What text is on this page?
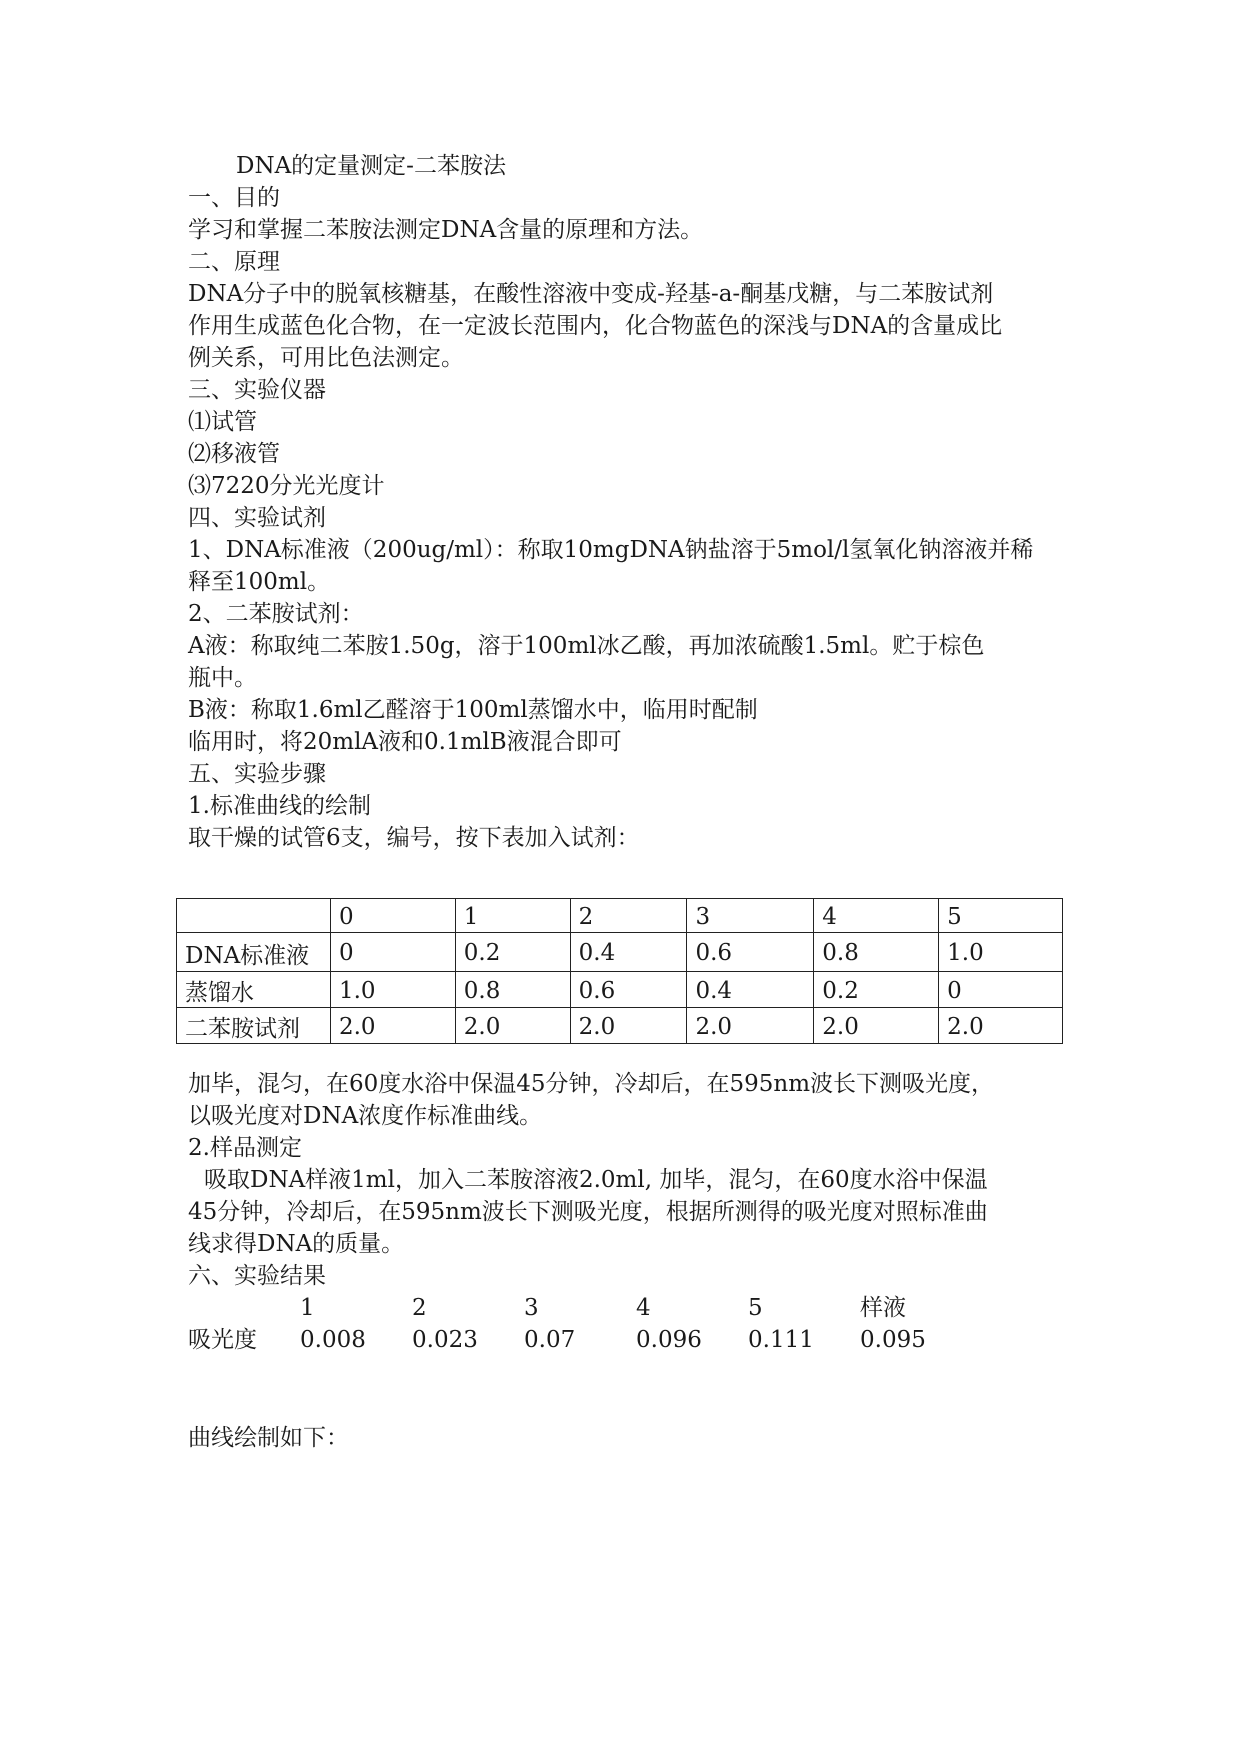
DNA的定量测定-二苯胺法

一、目的

学习和掌握二苯胺法测定DNA含量的原理和方法。

二、原理

DNA分子中的脱氧核糖基，在酸性溶液中变成-羟基-a-酮基戊糖，与二苯胺试剂

作用生成蓝色化合物，在一定波长范围内，化合物蓝色的深浅与DNA的含量成比

例关系，可用比色法测定。

三、实验仪器

⑴试管

⑵移液管

⑶7220分光光度计

四、实验试剂

1、DNA标准液（200ug/ml）：称取10mgDNA钠盐溶于5mol/l氢氧化钠溶液并稀

释至100ml。

2、二苯胺试剂：

A液：称取纯二苯胺1.50g，溶于100ml冰乙酸，再加浓硫酸1.5ml。贮于棕色

瓶中。

B液：称取1.6ml乙醛溶于100ml蒸馏水中，临用时配制

临用时，将20mlA液和0.1mlB液混合即可

五、实验步骤

1.标准曲线的绘制

取干燥的试管6支，编号，按下表加入试剂：

	0	1	2	3	4	5
DNA标准液	0	0.2	0.4	0.6	0.8	1.0
蒸馏水	1.0	0.8	0.6	0.4	0.2	0
二苯胺试剂	2.0	2.0	2.0	2.0	2.0	2.0

加毕，混匀，在60度水浴中保温45分钟，冷却后，在595nm波长下测吸光度，

以吸光度对DNA浓度作标准曲线。

2.样品测定

吸取DNA样液1ml，加入二苯胺溶液2.0ml, 加毕，混匀，在60度水浴中保温

45分钟，冷却后，在595nm波长下测吸光度，根据所测得的吸光度对照标准曲

线求得DNA的质量。

六、实验结果

1	2	3	4	5	样液
吸光度 0.008 0.023 0.07	0.096 0.111 0.095

曲线绘制如下：
